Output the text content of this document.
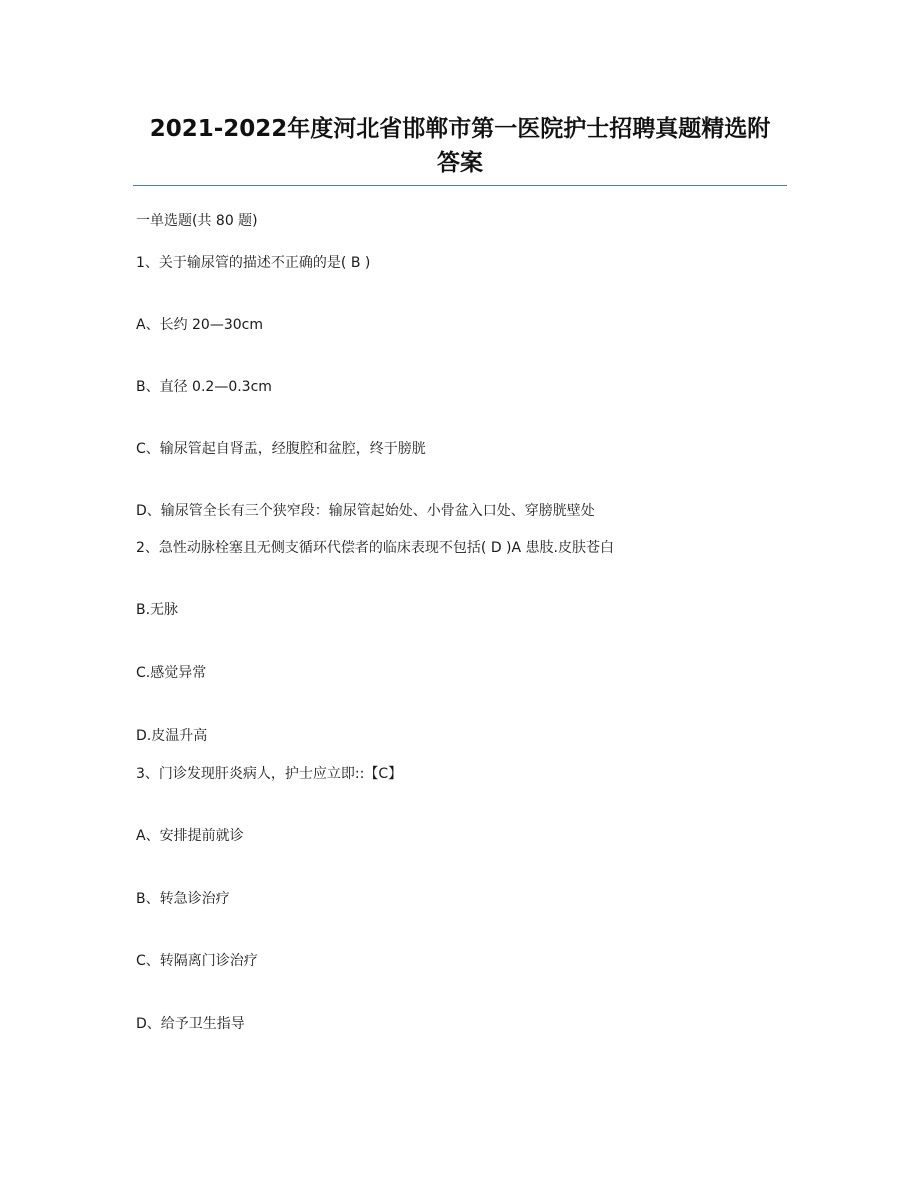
2021-2022年度河北省邯郸市第一医院护士招聘真题精选附
答案
一单选题(共 80 题)
1、关于输尿管的描述不正确的是( B )
A、长约 20—30cm
B、直径 0.2—0.3cm
C、输尿管起自肾盂，经腹腔和盆腔，终于膀胱
D、输尿管全长有三个狭窄段：输尿管起始处、小骨盆入口处、穿膀胱壁处
2、急性动脉栓塞且无侧支循环代偿者的临床表现不包括( D )A 患肢.皮肤苍白
B.无脉
C.感觉异常
D.皮温升高
3、门诊发现肝炎病人，护士应立即::【C】
A、安排提前就诊
B、转急诊治疗
C、转隔离门诊治疗
D、给予卫生指导
